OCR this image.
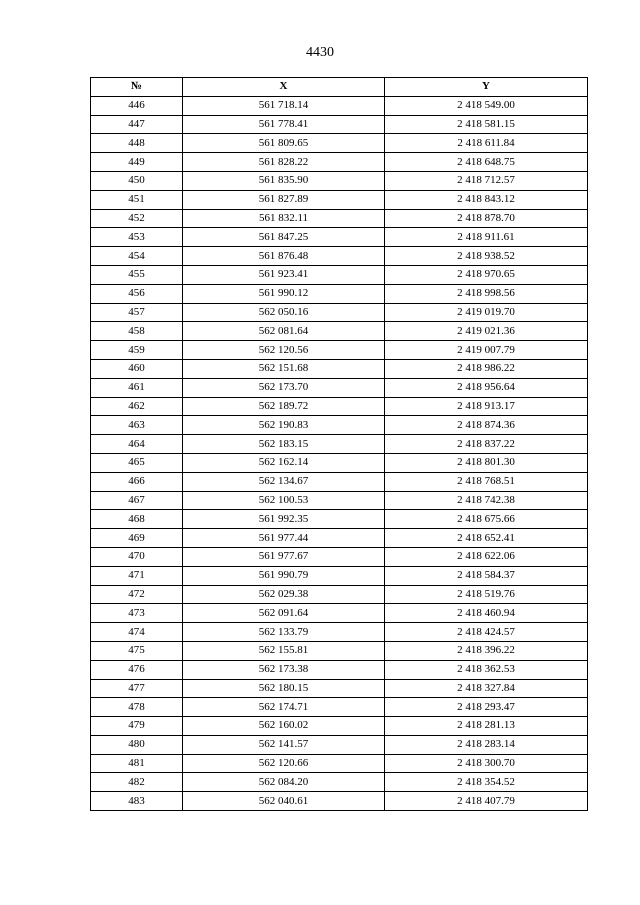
4430
№	X	Y
446	561 718.14	2 418 549.00
447	561 778.41	2 418 581.15
448	561 809.65	2 418 611.84
449	561 828.22	2 418 648.75
450	561 835.90	2 418 712.57
451	561 827.89	2 418 843.12
452	561 832.11	2 418 878.70
453	561 847.25	2 418 911.61
454	561 876.48	2 418 938.52
455	561 923.41	2 418 970.65
456	561 990.12	2 418 998.56
457	562 050.16	2 419 019.70
458	562 081.64	2 419 021.36
459	562 120.56	2 419 007.79
460	562 151.68	2 418 986.22
461	562 173.70	2 418 956.64
462	562 189.72	2 418 913.17
463	562 190.83	2 418 874.36
464	562 183.15	2 418 837.22
465	562 162.14	2 418 801.30
466	562 134.67	2 418 768.51
467	562 100.53	2 418 742.38
468	561 992.35	2 418 675.66
469	561 977.44	2 418 652.41
470	561 977.67	2 418 622.06
471	561 990.79	2 418 584.37
472	562 029.38	2 418 519.76
473	562 091.64	2 418 460.94
474	562 133.79	2 418 424.57
475	562 155.81	2 418 396.22
476	562 173.38	2 418 362.53
477	562 180.15	2 418 327.84
478	562 174.71	2 418 293.47
479	562 160.02	2 418 281.13
480	562 141.57	2 418 283.14
481	562 120.66	2 418 300.70
482	562 084.20	2 418 354.52
483	562 040.61	2 418 407.79
